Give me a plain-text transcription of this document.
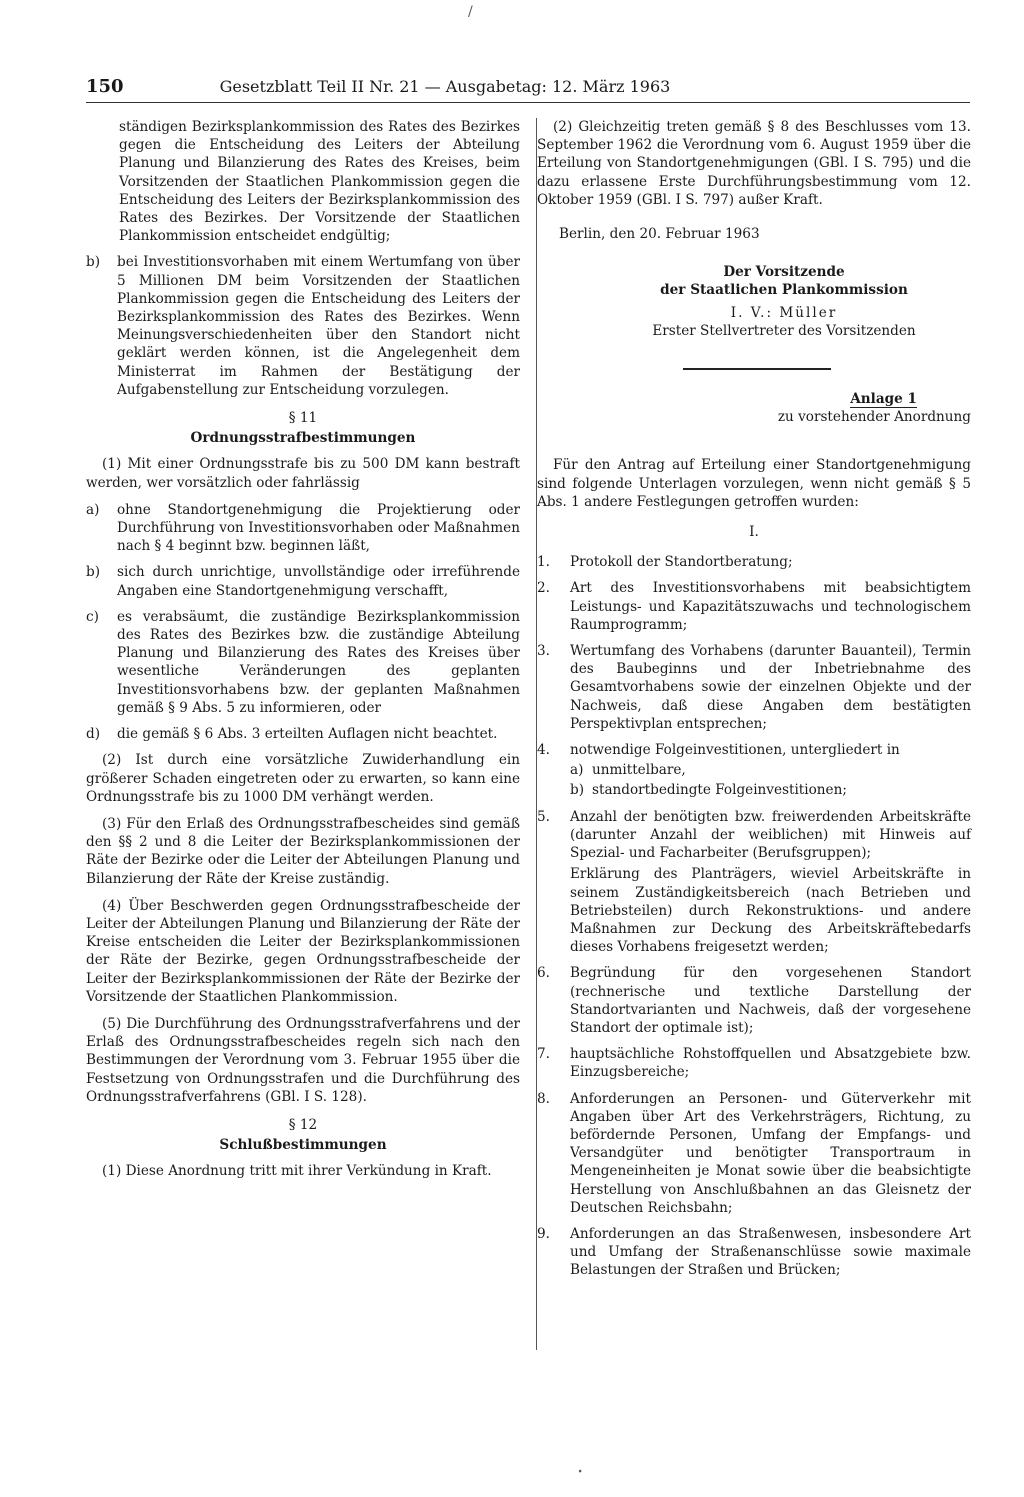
/
150	Gesetzblatt Teil II Nr. 21 — Ausgabetag: 12. März 1963

ständigen Bezirksplankommission des Rates des Bezirkes gegen die Entscheidung des Leiters der Abteilung Planung und Bilanzierung des Rates des Kreises, beim Vorsitzenden der Staatlichen Plankommission gegen die Entscheidung des Leiters der Bezirksplankommission des Rates des Bezirkes. Der Vorsitzende der Staatlichen Plankommission entscheidet endgültig;

b)	bei Investitionsvorhaben mit einem Wertumfang von über 5 Millionen DM beim Vorsitzenden der Staatlichen Plankommission gegen die Entscheidung des Leiters der Bezirksplankommission des Rates des Bezirkes. Wenn Meinungsverschiedenheiten über den Standort nicht geklärt werden können, ist die Angelegenheit dem Ministerrat im Rahmen der Bestätigung der Aufgabenstellung zur Entscheidung vorzulegen.
§ 11
Ordnungsstrafbestimmungen

(1) Mit einer Ordnungsstrafe bis zu 500 DM kann bestraft werden, wer vorsätzlich oder fahrlässig

a)	ohne Standortgenehmigung die Projektierung oder Durchführung von Investitionsvorhaben oder Maßnahmen nach § 4 beginnt bzw. beginnen läßt,
b)	sich durch unrichtige, unvollständige oder irreführende Angaben eine Standortgenehmigung verschafft,
c)	es verabsäumt, die zuständige Bezirksplankommission des Rates des Bezirkes bzw. die zuständige Abteilung Planung und Bilanzierung des Rates des Kreises über wesentliche Veränderungen des geplanten Investitionsvorhabens bzw. der geplanten Maßnahmen gemäß § 9 Abs. 5 zu informieren, oder
d)	die gemäß § 6 Abs. 3 erteilten Auflagen nicht beachtet.

(2) Ist durch eine vorsätzliche Zuwiderhandlung ein größerer Schaden eingetreten oder zu erwarten, so kann eine Ordnungsstrafe bis zu 1000 DM verhängt werden.

(3) Für den Erlaß des Ordnungsstrafbescheides sind gemäß den §§ 2 und 8 die Leiter der Bezirksplankommissionen der Räte der Bezirke oder die Leiter der Abteilungen Planung und Bilanzierung der Räte der Kreise zuständig.

(4) Über Beschwerden gegen Ordnungsstrafbescheide der Leiter der Abteilungen Planung und Bilanzierung der Räte der Kreise entscheiden die Leiter der Bezirksplankommissionen der Räte der Bezirke, gegen Ordnungsstrafbescheide der Leiter der Bezirksplankommissionen der Räte der Bezirke der Vorsitzende der Staatlichen Plankommission.

(5) Die Durchführung des Ordnungsstrafverfahrens und der Erlaß des Ordnungsstrafbescheides regeln sich nach den Bestimmungen der Verordnung vom 3. Februar 1955 über die Festsetzung von Ordnungsstrafen und die Durchführung des Ordnungsstrafverfahrens (GBl. I S. 128).

§ 12
Schlußbestimmungen

(1) Diese Anordnung tritt mit ihrer Verkündung in Kraft.

(2) Gleichzeitig treten gemäß § 8 des Beschlusses vom 13. September 1962 die Verordnung vom 6. August 1959 über die Erteilung von Standortgenehmigungen (GBl. I S. 795) und die dazu erlassene Erste Durchführungsbestimmung vom 12. Oktober 1959 (GBl. I S. 797) außer Kraft.

Berlin, den 20. Februar 1963
Der Vorsitzende
der Staatlichen Plankommission
I. V.: Müller
Erster Stellvertreter des Vorsitzenden
Anlage 1
zu vorstehender Anordnung

Für den Antrag auf Erteilung einer Standortgenehmigung sind folgende Unterlagen vorzulegen, wenn nicht gemäß § 5 Abs. 1 andere Festlegungen getroffen wurden:

I.
1.	Protokoll der Standortberatung;
2.	Art des Investitionsvorhabens mit beabsichtigtem Leistungs- und Kapazitätszuwachs und technologischem Raumprogramm;
3.	Wertumfang des Vorhabens (darunter Bauanteil), Termin des Baubeginns und der Inbetriebnahme des Gesamtvorhabens sowie der einzelnen Objekte und der Nachweis, daß diese Angaben dem bestätigten Perspektivplan entsprechen;
4.	notwendige Folgeinvestitionen, untergliedert in
a) unmittelbare,
b) standortbedingte Folgeinvestitionen;
5.	Anzahl der benötigten bzw. freiwerdenden Arbeitskräfte (darunter Anzahl der weiblichen) mit Hinweis auf Spezial- und Facharbeiter (Berufsgruppen);
Erklärung des Planträgers, wieviel Arbeitskräfte in seinem Zuständigkeitsbereich (nach Betrieben und Betriebsteilen) durch Rekonstruktions- und andere Maßnahmen zur Deckung des Arbeitskräftebedarfs dieses Vorhabens freigesetzt werden;
6.	Begründung für den vorgesehenen Standort (rechnerische und textliche Darstellung der Standortvarianten und Nachweis, daß der vorgesehene Standort der optimale ist);
7.	hauptsächliche Rohstoffquellen und Absatzgebiete bzw. Einzugsbereiche;
8.	Anforderungen an Personen- und Güterverkehr mit Angaben über Art des Verkehrsträgers, Richtung, zu befördernde Personen, Umfang der Empfangs- und Versandgüter und benötigter Transportraum in Mengeneinheiten je Monat sowie über die beabsichtigte Herstellung von Anschlußbahnen an das Gleisnetz der Deutschen Reichsbahn;
9.	Anforderungen an das Straßenwesen, insbesondere Art und Umfang der Straßenanschlüsse sowie maximale Belastungen der Straßen und Brücken;
ꞏ
